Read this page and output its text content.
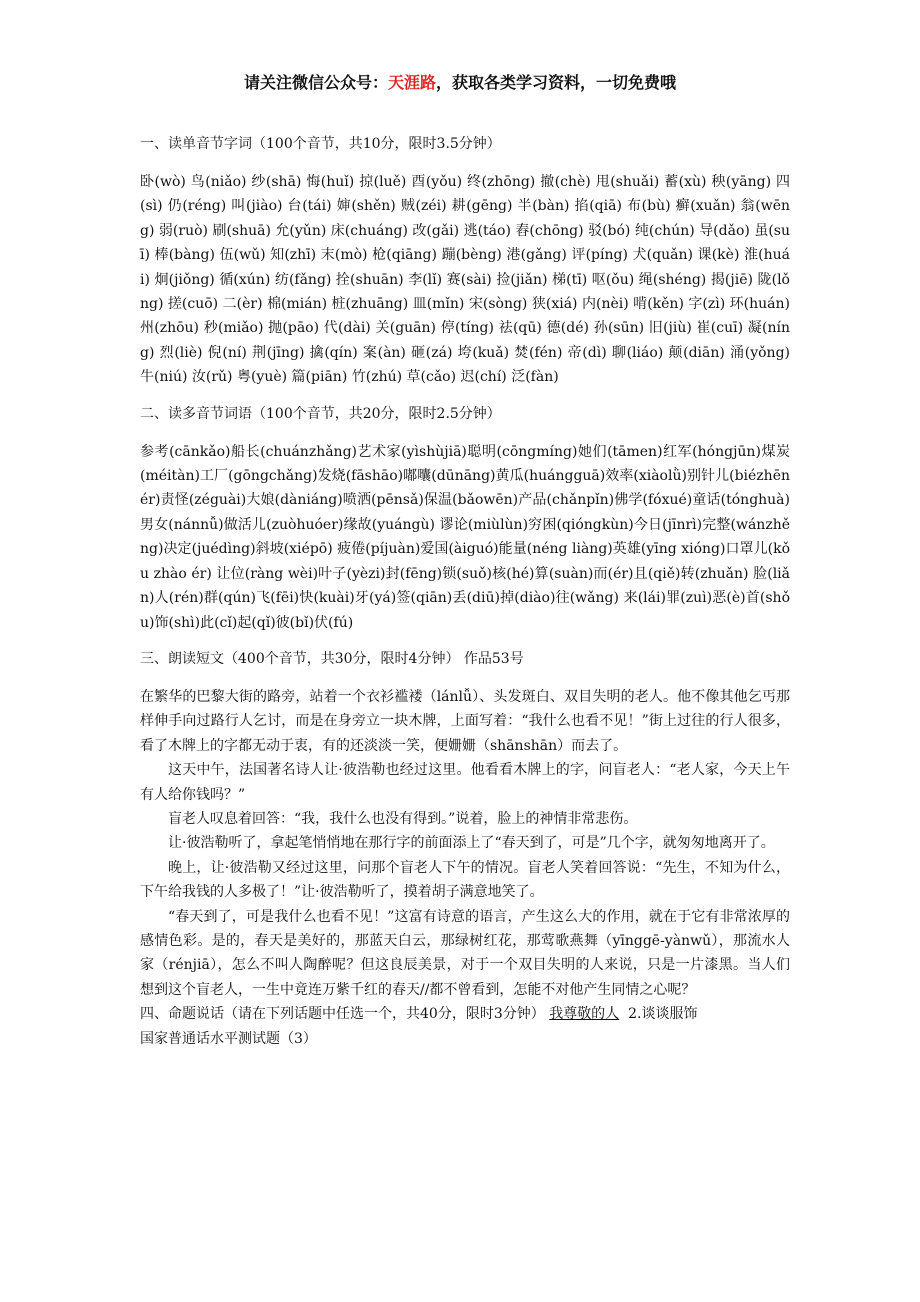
请关注微信公众号：天涯路，获取各类学习资料，一切免费哦

一、读单音节字词（100个音节，共10分，限时3.5分钟）

卧(wò) 鸟(niǎo) 纱(shā) 悔(huǐ) 掠(luě) 酉(yǒu) 终(zhōng) 撤(chè) 甩(shuǎi) 蓄(xù) 秧(yāng) 四(sì) 仍(réng) 叫(jiào) 台(tái) 婶(shěn) 贼(zéi) 耕(gēng) 半(bàn) 掐(qiā) 布(bù) 癣(xuǎn) 翁(wēng) 弱(ruò) 刷(shuā) 允(yǔn) 床(chuáng) 改(gǎi) 逃(táo) 舂(chōng) 驳(bó) 纯(chún) 导(dǎo) 虽(suī) 棒(bàng) 伍(wǔ) 知(zhī) 末(mò) 枪(qiāng) 蹦(bèng) 港(gǎng) 评(píng) 犬(quǎn) 课(kè) 淮(huái) 炯(jiǒng) 循(xún) 纺(fǎng) 拴(shuān) 李(lǐ) 赛(sài) 捡(jiǎn) 梯(tī) 呕(ǒu) 绳(shéng) 揭(jiē) 陇(lǒng) 搓(cuō) 二(èr) 棉(mián) 桩(zhuāng) 皿(mǐn) 宋(sòng) 狭(xiá) 内(nèi) 啃(kěn) 字(zì) 环(huán) 州(zhōu) 秒(miǎo) 抛(pāo) 代(dài) 关(guān) 停(tíng) 祛(qū) 德(dé) 孙(sūn) 旧(jiù) 崔(cuī) 凝(níng) 烈(liè) 倪(ní) 荆(jīng) 擒(qín) 案(àn) 砸(zá) 垮(kuǎ) 焚(fén) 帝(dì) 聊(liáo) 颠(diān) 涌(yǒng) 牛(niú) 汝(rǔ) 粤(yuè) 篇(piān) 竹(zhú) 草(cǎo) 迟(chí) 泛(fàn)

二、读多音节词语（100个音节，共20分，限时2.5分钟）

参考(cānkǎo)船长(chuánzhǎng)艺术家(yìshùjiā)聪明(cōngmíng)她们(tāmen)红军(hóngjūn)煤炭(méitàn)工厂(gōngchǎng)发烧(fāshāo)嘟囔(dūnāng)黄瓜(huángguā)效率(xiàolǜ)别针儿(biézhēnér)责怪(zéguài)大娘(dàniáng)喷洒(pēnsǎ)保温(bǎowēn)产品(chǎnpǐn)佛学(fóxué)童话(tónghuà)男女(nánnǚ)做活儿(zuòhuóer)缘故(yuángù) 谬论(miùlùn)穷困(qióngkùn)今日(jīnrì)完整(wánzhěng)决定(juédìng)斜坡(xiépō) 疲倦(píjuàn)爱国(àiguó)能量(néng liàng)英雄(yīng xióng)口罩儿(kǒu zhào ér) 让位(ràng wèi)叶子(yèzi)封(fēng)锁(suǒ)核(hé)算(suàn)而(ér)且(qiě)转(zhuǎn) 脸(liǎn)人(rén)群(qún)飞(fēi)快(kuài)牙(yá)签(qiān)丢(diū)掉(diào)往(wǎng) 来(lái)罪(zuì)恶(è)首(shǒu)饰(shì)此(cǐ)起(qǐ)彼(bǐ)伏(fú)

三、朗读短文（400个音节，共30分，限时4分钟） 作品53号

在繁华的巴黎大街的路旁，站着一个衣衫褴褛（lánlǚ）、头发斑白、双目失明的老人。他不像其他乞丐那样伸手向过路行人乞讨，而是在身旁立一块木牌，上面写着：“我什么也看不见！”街上过往的行人很多，看了木牌上的字都无动于衷，有的还淡淡一笑，便姗姗（shānshān）而去了。

这天中午，法国著名诗人让·彼浩勒也经过这里。他看看木牌上的字，问盲老人：“老人家，今天上午有人给你钱吗？”

盲老人叹息着回答：“我，我什么也没有得到。”说着，脸上的神情非常悲伤。

让·彼浩勒听了，拿起笔悄悄地在那行字的前面添上了“春天到了，可是”几个字，就匆匆地离开了。

晚上，让·彼浩勒又经过这里，问那个盲老人下午的情况。盲老人笑着回答说：“先生，不知为什么，下午给我钱的人多极了！”让·彼浩勒听了，摸着胡子满意地笑了。

“春天到了，可是我什么也看不见！”这富有诗意的语言，产生这么大的作用，就在于它有非常浓厚的感情色彩。是的，春天是美好的，那蓝天白云，那绿树红花，那莺歌燕舞（yīnggē-yànwǔ），那流水人家（rénjiā），怎么不叫人陶醉呢？但这良辰美景，对于一个双目失明的人来说，只是一片漆黑。当人们想到这个盲老人，一生中竟连万紫千红的春天//都不曾看到，怎能不对他产生同情之心呢？

四、命题说话（请在下列话题中任选一个，共40分，限时3分钟） 我尊敬的人 2.谈谈服饰

国家普通话水平测试题（3）
